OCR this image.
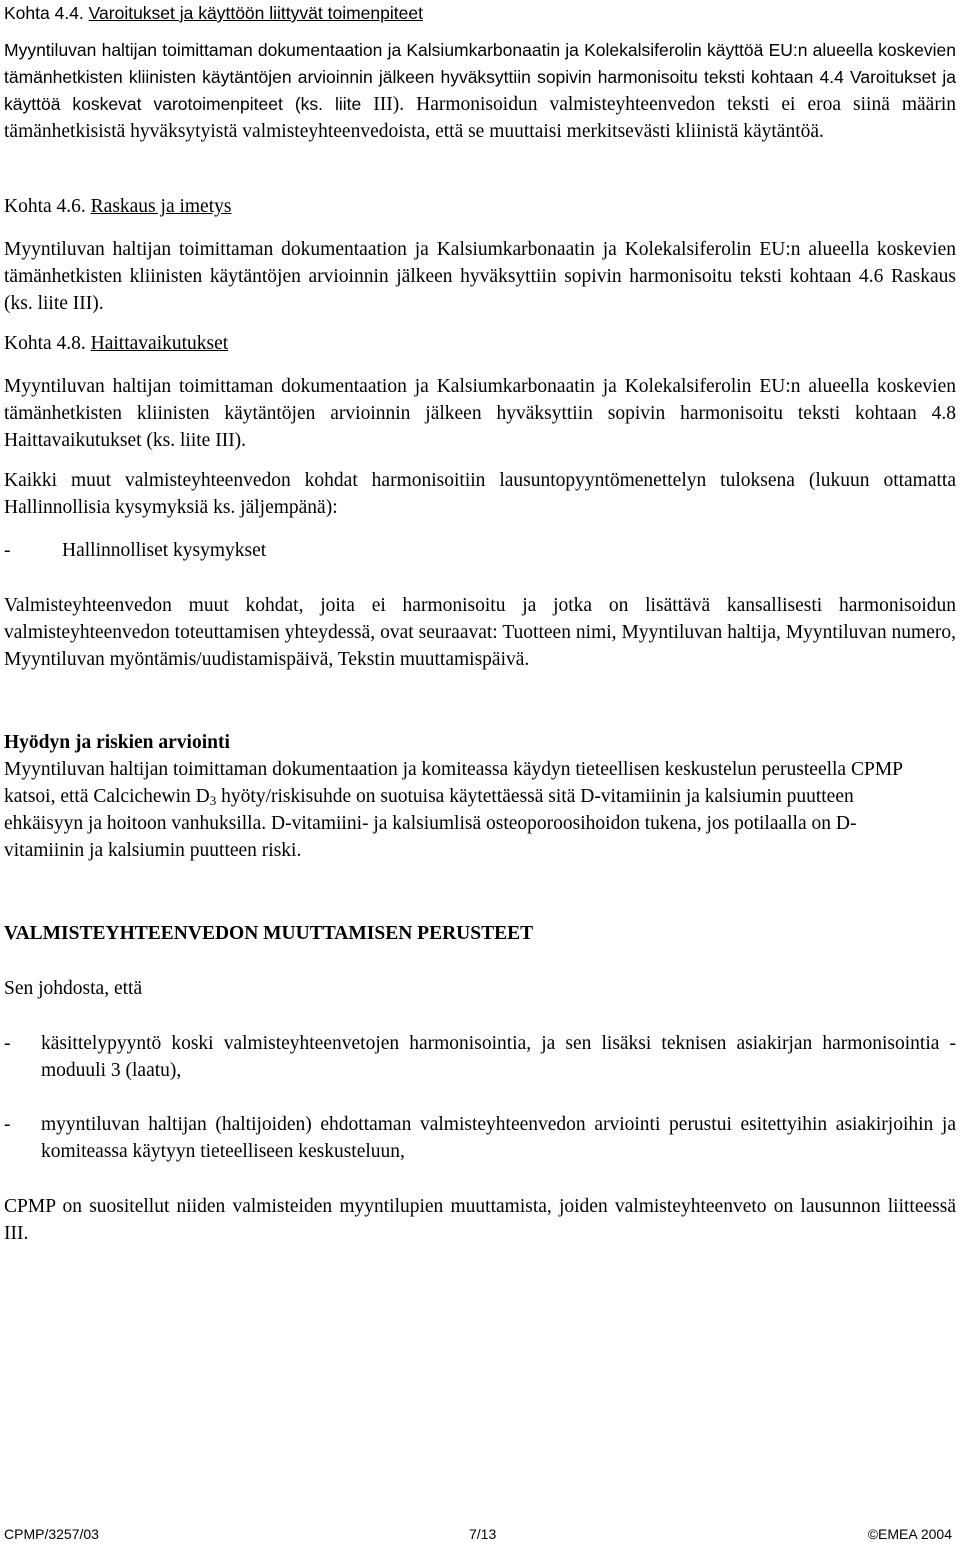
Kohta 4.4. Varoitukset ja käyttöön liittyvät toimenpiteet

Myyntiluvan haltijan toimittaman dokumentaation ja Kalsiumkarbonaatin ja Kolekalsiferolin käyttöä EU:n alueella koskevien tämänhetkisten kliinisten käytäntöjen arvioinnin jälkeen hyväksyttiin sopivin harmonisoitu teksti kohtaan 4.4 Varoitukset ja käyttöä koskevat varotoimenpiteet (ks. liite III). Harmonisoidun valmisteyhteenvedon teksti ei eroa siinä määrin tämänhetkisistä hyväksytyistä valmisteyhteenvedoista, että se muuttaisi merkitsevästi kliinistä käytäntöä.

Kohta 4.6. Raskaus ja imetys

Myyntiluvan haltijan toimittaman dokumentaation ja Kalsiumkarbonaatin ja Kolekalsiferolin EU:n alueella koskevien tämänhetkisten kliinisten käytäntöjen arvioinnin jälkeen hyväksyttiin sopivin harmonisoitu teksti kohtaan 4.6 Raskaus (ks. liite III).

Kohta 4.8. Haittavaikutukset

Myyntiluvan haltijan toimittaman dokumentaation ja Kalsiumkarbonaatin ja Kolekalsiferolin EU:n alueella koskevien tämänhetkisten kliinisten käytäntöjen arvioinnin jälkeen hyväksyttiin sopivin harmonisoitu teksti kohtaan 4.8 Haittavaikutukset (ks. liite III).

Kaikki muut valmisteyhteenvedon kohdat harmonisoitiin lausuntopyyntömenettelyn tuloksena (lukuun ottamatta Hallinnollisia kysymyksiä ks. jäljempänä):

-	Hallinnolliset kysymykset

Valmisteyhteenvedon muut kohdat, joita ei harmonisoitu ja jotka on lisättävä kansallisesti harmonisoidun valmisteyhteenvedon toteuttamisen yhteydessä, ovat seuraavat: Tuotteen nimi, Myyntiluvan haltija, Myyntiluvan numero, Myyntiluvan myöntämis/uudistamispäivä, Tekstin muuttamispäivä.

Hyödyn ja riskien arviointi

Myyntiluvan haltijan toimittaman dokumentaation ja komiteassa käydyn tieteellisen keskustelun perusteella CPMP katsoi, että Calcichewin $D_3$ hyöty/riskisuhde on suotuisa käytettäessä sitä D-vitamiinin ja kalsiumin puutteen ehkäisyyn ja hoitoon vanhuksilla. D-vitamiini- ja kalsiumlisä osteoporoosihoidon tukena, jos potilaalla on D-vitamiinin ja kalsiumin puutteen riski.

VALMISTEYHTEENVEDON MUUTTAMISEN PERUSTEET
Sen johdosta, että
- käsittelypyyntö koski valmisteyhteenvetojen harmonisointia, ja sen lisäksi teknisen asiakirjan harmonisointia - moduuli 3 (laatu),
- myyntiluvan haltijan (haltijoiden) ehdottaman valmisteyhteenvedon arviointi perustui esitettyihin asiakirjoihin ja komiteassa käytyyn tieteelliseen keskusteluun,

CPMP on suositellut niiden valmisteiden myyntilupien muuttamista, joiden valmisteyhteenveto on lausunnon liitteessä III.

CPMP/3257/03	7/13	©EMEA 2004
